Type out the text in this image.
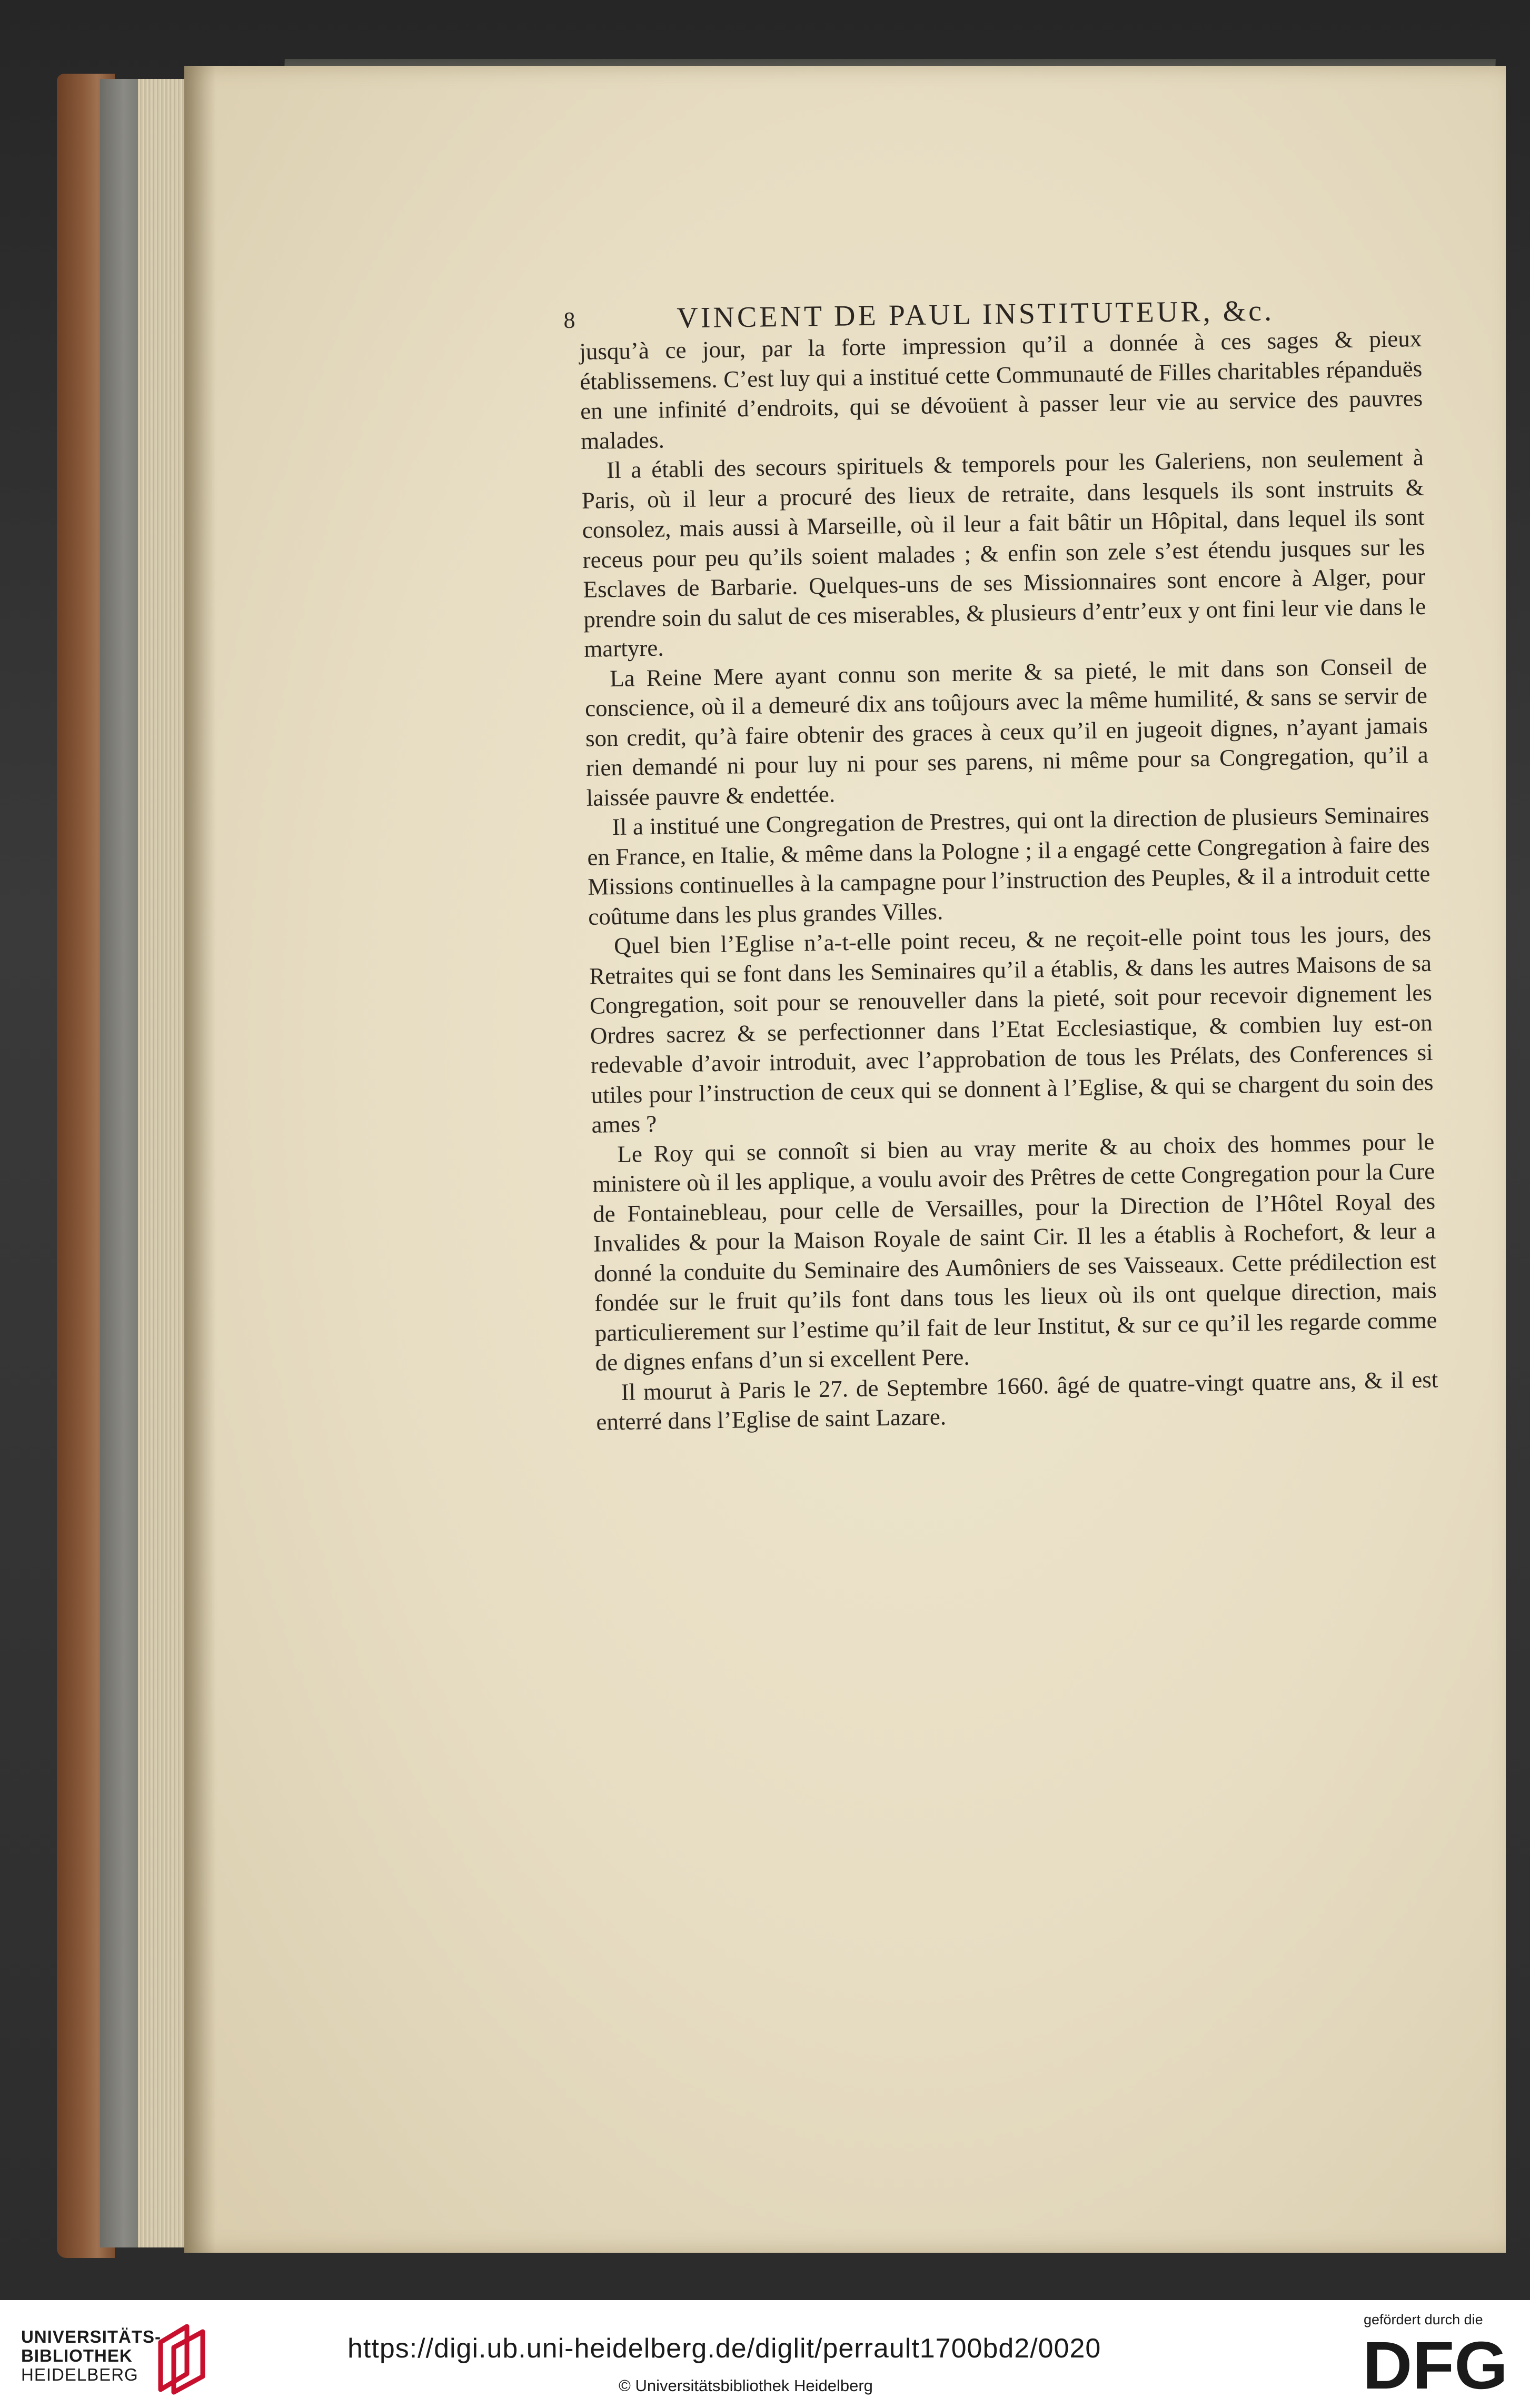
8	VINCENT DE PAUL INSTITUTEUR, &c.

jusqu’à ce jour, par la forte impression qu’il a donnée à ces sages & pieux établissemens. C’est luy qui a institué cette Communauté de Filles charitables répanduës en une infinité d’endroits, qui se dévoüent à passer leur vie au service des pauvres malades.

Il a établi des secours spirituels & temporels pour les Galeriens, non seulement à Paris, où il leur a procuré des lieux de retraite, dans lesquels ils sont instruits & consolez, mais aussi à Marseille, où il leur a fait bâtir un Hôpital, dans lequel ils sont receus pour peu qu’ils soient malades ; & enfin son zele s’est étendu jusques sur les Esclaves de Barbarie. Quelques-uns de ses Missionnaires sont encore à Alger, pour prendre soin du salut de ces miserables, & plusieurs d’entr’eux y ont fini leur vie dans le martyre.

La Reine Mere ayant connu son merite & sa pieté, le mit dans son Conseil de conscience, où il a demeuré dix ans toûjours avec la même humilité, & sans se servir de son credit, qu’à faire obtenir des graces à ceux qu’il en jugeoit dignes, n’ayant jamais rien demandé ni pour luy ni pour ses parens, ni même pour sa Congregation, qu’il a laissée pauvre & endettée.

Il a institué une Congregation de Prestres, qui ont la direction de plusieurs Seminaires en France, en Italie, & même dans la Pologne ; il a engagé cette Congregation à faire des Missions continuelles à la campagne pour l’instruction des Peuples, & il a introduit cette coûtume dans les plus grandes Villes.

Quel bien l’Eglise n’a-t-elle point receu, & ne reçoit-elle point tous les jours, des Retraites qui se font dans les Seminaires qu’il a établis, & dans les autres Maisons de sa Congregation, soit pour se renouveller dans la pieté, soit pour recevoir dignement les Ordres sacrez & se perfectionner dans l’Etat Ecclesiastique, & combien luy est-on redevable d’avoir introduit, avec l’approbation de tous les Prélats, des Conferences si utiles pour l’instruction de ceux qui se donnent à l’Eglise, & qui se chargent du soin des ames ?

Le Roy qui se connoît si bien au vray merite & au choix des hommes pour le ministere où il les applique, a voulu avoir des Prêtres de cette Congregation pour la Cure de Fontainebleau, pour celle de Versailles, pour la Direction de l’Hôtel Royal des Invalides & pour la Maison Royale de saint Cir. Il les a établis à Rochefort, & leur a donné la conduite du Seminaire des Aumôniers de ses Vaisseaux. Cette prédilection est fondée sur le fruit qu’ils font dans tous les lieux où ils ont quelque direction, mais particulierement sur l’estime qu’il fait de leur Institut, & sur ce qu’il les regarde comme de dignes enfans d’un si excellent Pere.

Il mourut à Paris le 27. de Septembre 1660. âgé de quatre-vingt quatre ans, & il est enterré dans l’Eglise de saint Lazare.

UNIVERSITÄTS-
BIBLIOTHEK
HEIDELBERG
https://digi.ub.uni-heidelberg.de/diglit/perrault1700bd2/0020
© Universitätsbibliothek Heidelberg
gefördert durch die
DFG
